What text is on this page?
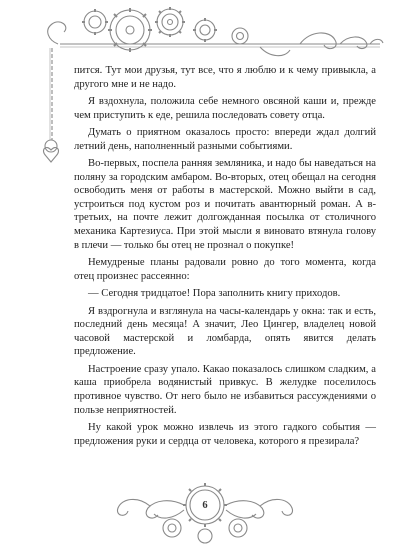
пится. Тут мои друзья, тут все, что я люблю и к чему привыкла, а другого мне и не надо.

Я вздохнула, положила себе немного овсяной каши и, прежде чем приступить к еде, решила последовать совету отца.

Думать о приятном оказалось просто: впереди ждал долгий летний день, наполненный разными событиями.

Во-первых, поспела ранняя земляника, и надо бы наведаться на поляну за городским амбаром. Во-вторых, отец обещал на сегодня освободить меня от работы в мастерской. Можно выйти в сад, устроиться под кустом роз и почитать авантюрный роман. А в-третьих, на почте лежит долгожданная посылка от столичного механика Картезиуса. При этой мысли я виновато втянула голову в плечи — только бы отец не прознал о покупке!

Немудреные планы радовали ровно до того момента, когда отец произнес рассеянно:

— Сегодня тридцатое! Пора заполнить книгу приходов.

Я вздрогнула и взглянула на часы-календарь у окна: так и есть, последний день месяца! А значит, Лео Цингер, владелец новой часовой мастерской и ломбарда, опять явится делать предложение.

Настроение сразу упало. Какао показалось слишком сладким, а каша приобрела водянистый привкус. В желудке поселилось противное чувство. От него было не избавиться рассуждениями о пользе неприятностей.

Ну какой урок можно извлечь из этого гадкого события — предложения руки и сердца от человека, которого я презирала?

6
